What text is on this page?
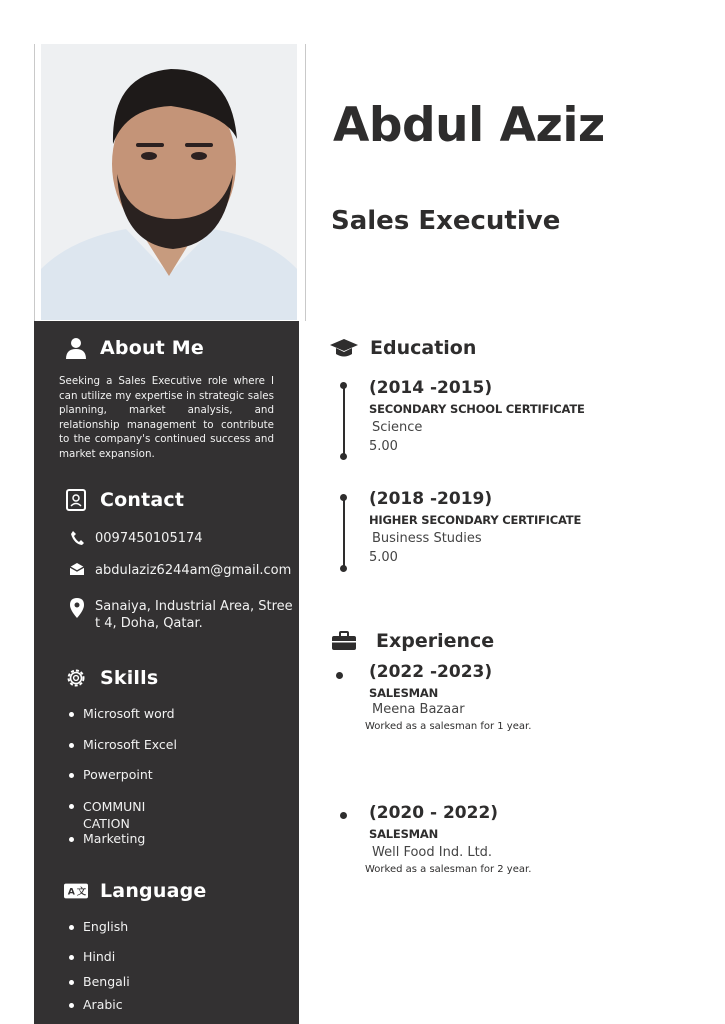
About Me
Seeking a Sales Executive role where I can utilize my expertise in strategic sales planning, market analysis, and relationship management to contribute to the company's continued success and market expansion.
Contact
0097450105174
abdulaziz6244am@gmail.com
Sanaiya, Industrial Area, Street 4, Doha, Qatar.
Skills
Microsoft word
Microsoft Excel
Powerpoint
COMMUNI CATION
Marketing
A 文 Language
English
Hindi
Bengali
Arabic
Abdul Aziz
Sales Executive
Education
(2014 -2015)
SECONDARY SCHOOL CERTIFICATE
Science
5.00
(2018 -2019)
HIGHER SECONDARY CERTIFICATE
Business Studies
5.00
Experience
(2022 -2023)
SALESMAN
Meena Bazaar
Worked as a salesman for 1 year.
(2020 - 2022)
SALESMAN
Well Food Ind. Ltd.
Worked as a salesman for 2 year.
